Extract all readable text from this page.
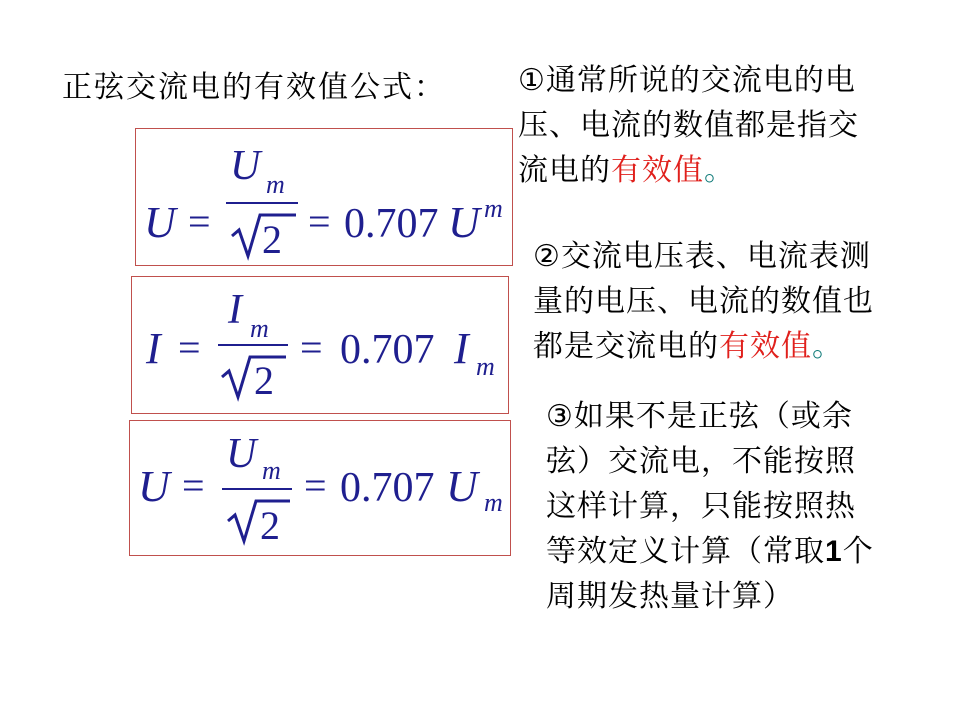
正弦交流电的有效值公式：
U =
U m
2 = 0.707 U m
I =
I m
2
= 0.707 I m
U =
U m
2
= 0.707 U m
①通常所说的交流电的电
压、电流的数值都是指交
流电的有效值。
②交流电压表、电流表测
量的电压、电流的数值也
都是交流电的有效值。
③如果不是正弦（或余
弦）交流电，不能按照
这样计算，只能按照热
等效定义计算（常取1个
周期发热量计算）
